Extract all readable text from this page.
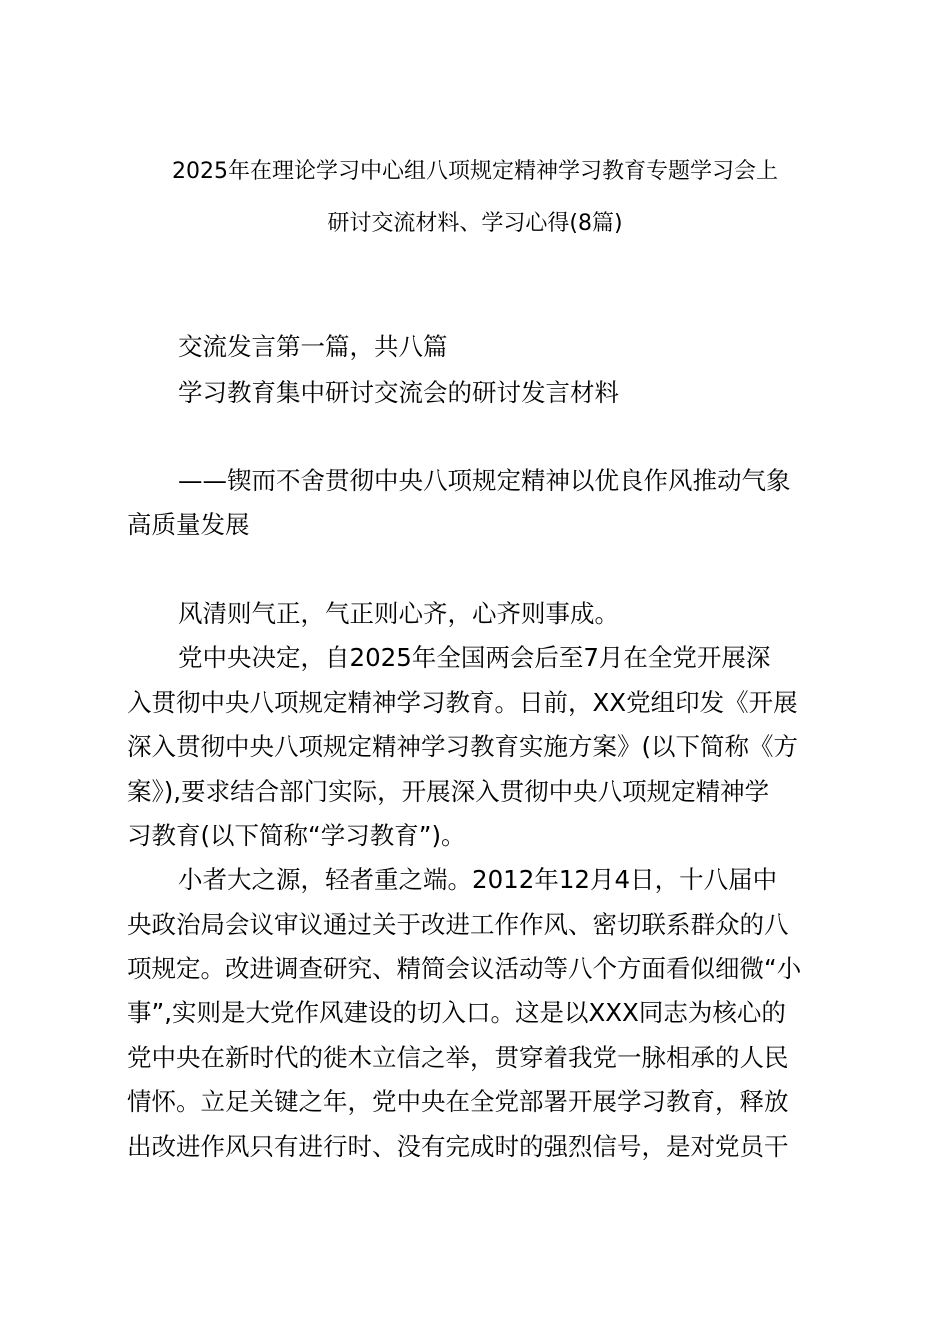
2025年在理论学习中心组八项规定精神学习教育专题学习会上
研讨交流材料、学习心得(8篇)
交流发言第一篇，共八篇
学习教育集中研讨交流会的研讨发言材料
——锲而不舍贯彻中央八项规定精神以优良作风推动气象
高质量发展
风清则气正，气正则心齐，心齐则事成。
党中央决定，自2025年全国两会后至7月在全党开展深
入贯彻中央八项规定精神学习教育。日前，XX党组印发《开展
深入贯彻中央八项规定精神学习教育实施方案》(以下简称《方
案》),要求结合部门实际，开展深入贯彻中央八项规定精神学
习教育(以下简称“学习教育”)。
小者大之源，轻者重之端。2012年12月4日，十八届中
央政治局会议审议通过关于改进工作作风、密切联系群众的八
项规定。改进调查研究、精简会议活动等八个方面看似细微“小
事”,实则是大党作风建设的切入口。这是以XXX同志为核心的
党中央在新时代的徙木立信之举，贯穿着我党一脉相承的人民
情怀。立足关键之年，党中央在全党部署开展学习教育，释放
出改进作风只有进行时、没有完成时的强烈信号，是对党员干
